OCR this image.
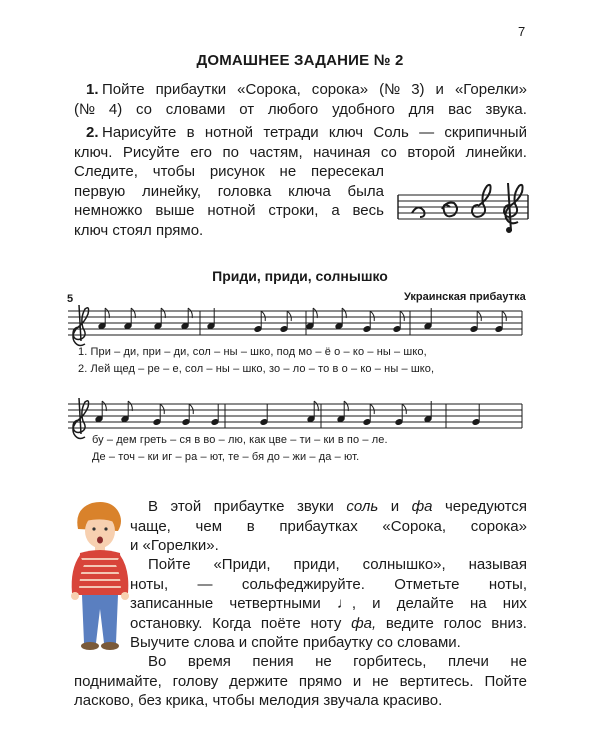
7
ДОМАШНЕЕ ЗАДАНИЕ № 2
Пойте прибаутки «Сорока, сорока» (№ 3) и «Горелки»
(№ 4) со словами от любого удобного для вас звука.
1.
Нарисуйте в нотной тетради ключ Соль — скрипичный
ключ. Рисуйте его по частям, начиная со второй линейки.
Следите, чтобы рисунок не пересекал
первую линейку, головка ключа была
немножко выше нотной строки, а весь
ключ стоял прямо.
2.
Приди, приди, солнышко
5	Украинская прибаутка
1. При – ди, при – ди, сол – ны – шко, под мо – ё о – ко – ны – шко,
2. Лей щед – ре – е, сол – ны – шко, зо – ло – то в о – ко – ны – шко,
бу – дем греть – ся в во – лю, как цве – ти – ки в по – ле.
Де – точ – ки иг – ра – ют, те – бя до – жи – да – ют.
В этой прибаутке звуки соль и фа чередуются
чаще, чем в прибаутках «Сорока, сорока»
и «Горелки».
Пойте «Приди, приди, солнышко», называя
ноты, — сольфеджируйте. Отметьте ноты,
записанные четвертными ♩, и делайте на них
остановку. Когда поёте ноту фа, ведите голос вниз.
Выучите слова и спойте прибаутку со словами.
Во время пения не горбитесь, плечи не
поднимайте, голову держите прямо и не вертитесь. Пойте
ласково, без крика, чтобы мелодия звучала красиво.
